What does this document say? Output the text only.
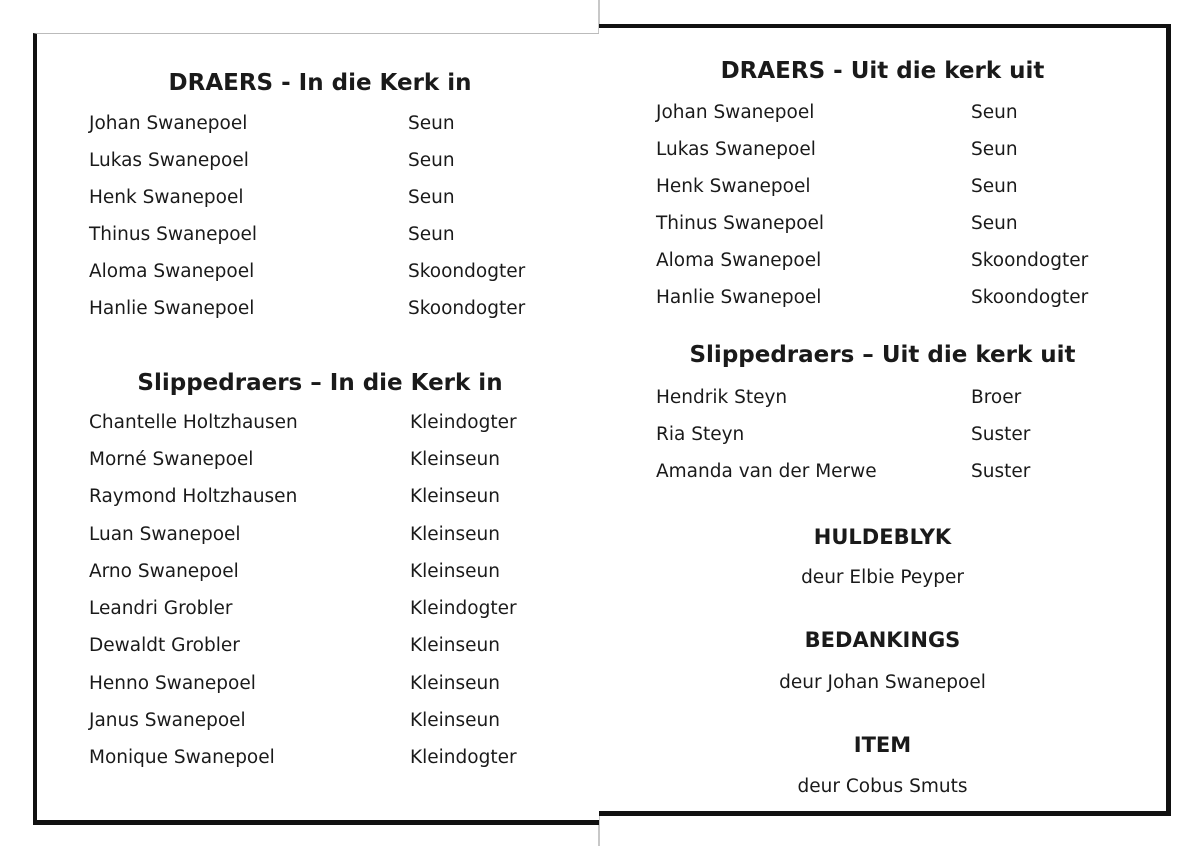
DRAERS - In die Kerk in
Johan Swanepoel	Seun
Lukas Swanepoel	Seun
Henk Swanepoel	Seun
Thinus Swanepoel	Seun
Aloma Swanepoel	Skoondogter
Hanlie Swanepoel	Skoondogter
Slippedraers – In die Kerk in
Chantelle Holtzhausen	Kleindogter
Morné Swanepoel	Kleinseun
Raymond Holtzhausen	Kleinseun
Luan Swanepoel	Kleinseun
Arno Swanepoel	Kleinseun
Leandri Grobler	Kleindogter
Dewaldt Grobler	Kleinseun
Henno Swanepoel	Kleinseun
Janus Swanepoel	Kleinseun
Monique Swanepoel	Kleindogter
DRAERS - Uit die kerk uit
Johan Swanepoel	Seun
Lukas Swanepoel	Seun
Henk Swanepoel	Seun
Thinus Swanepoel	Seun
Aloma Swanepoel	Skoondogter
Hanlie Swanepoel	Skoondogter
Slippedraers – Uit die kerk uit
Hendrik Steyn	Broer
Ria Steyn	Suster
Amanda van der Merwe	Suster
HULDEBLYK
deur Elbie Peyper
BEDANKINGS
deur Johan Swanepoel
ITEM
deur Cobus Smuts
